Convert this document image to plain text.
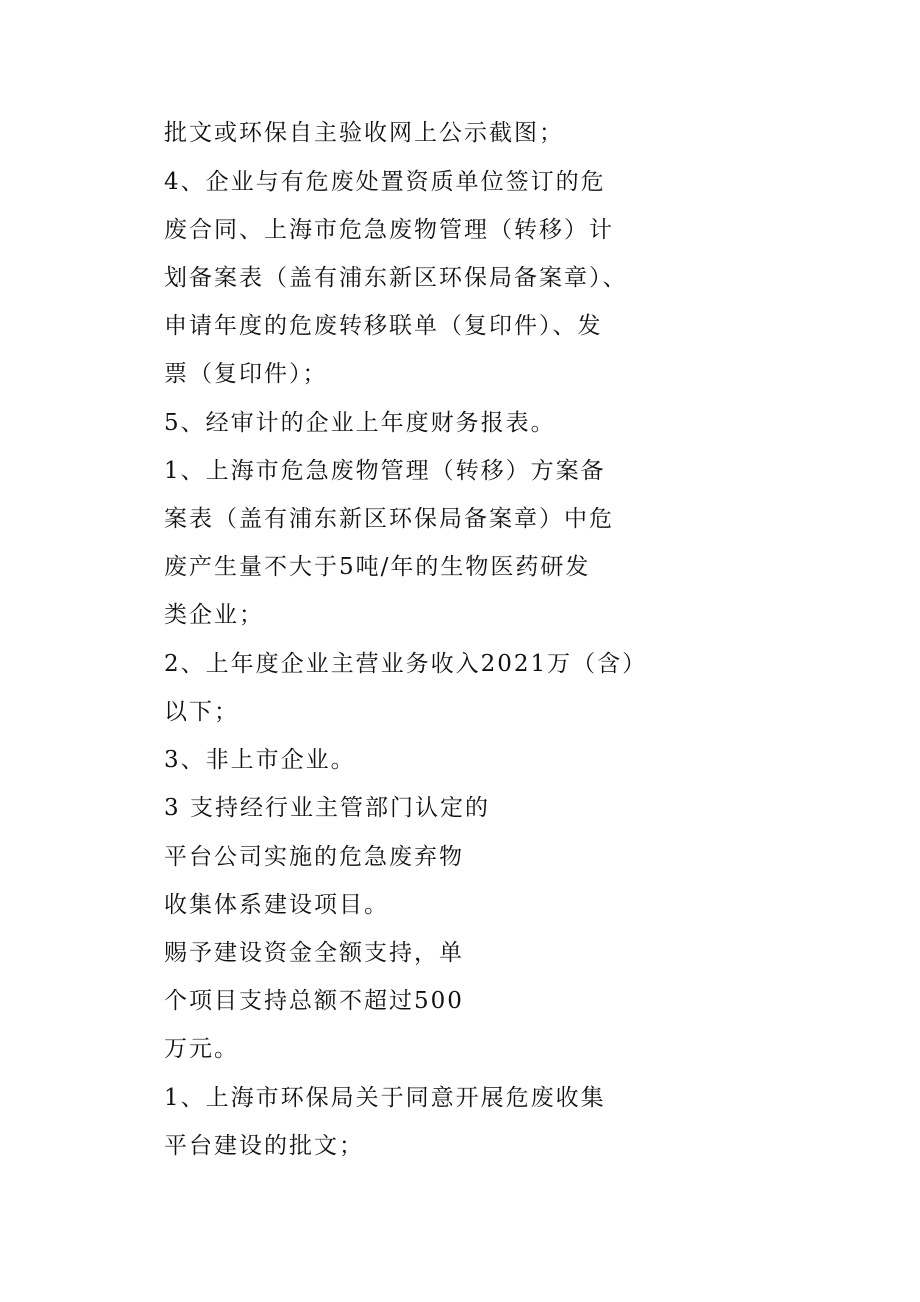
批文或环保自主验收网上公示截图；
4、企业与有危废处置资质单位签订的危
废合同、上海市危急废物管理（转移）计
划备案表（盖有浦东新区环保局备案章）、
申请年度的危废转移联单（复印件）、发
票（复印件）；
5、经审计的企业上年度财务报表。
1、上海市危急废物管理（转移）方案备
案表（盖有浦东新区环保局备案章）中危
废产生量不大于5吨/年的生物医药研发
类企业；
2、上年度企业主营业务收入2021万（含）
以下；
3、非上市企业。
3 支持经行业主管部门认定的
平台公司实施的危急废弃物
收集体系建设项目。
赐予建设资金全额支持，单
个项目支持总额不超过500
万元。
1、上海市环保局关于同意开展危废收集
平台建设的批文；
